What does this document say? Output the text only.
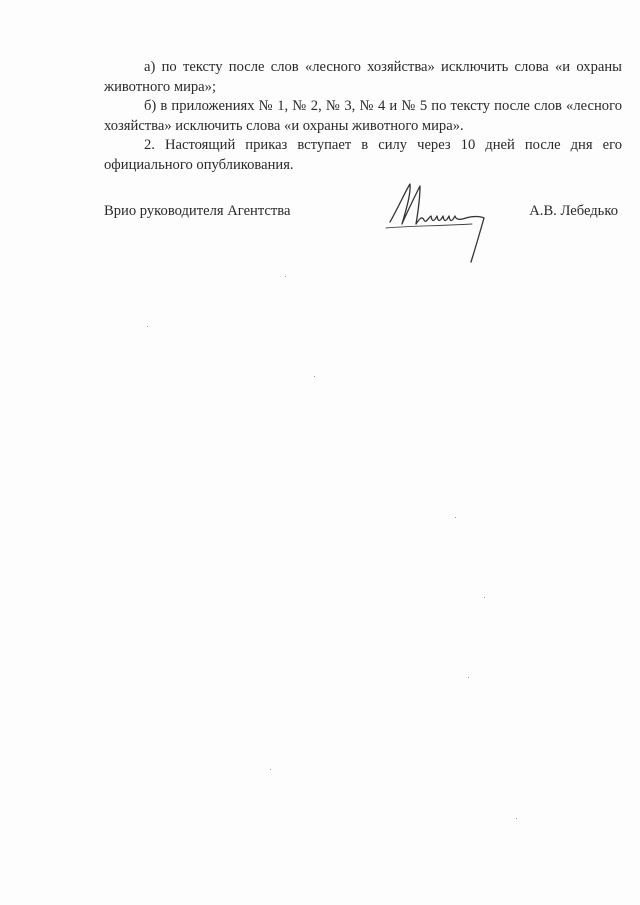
а) по тексту после слов «лесного хозяйства» исключить слова «и охраны животного мира»;

б) в приложениях № 1, № 2, № 3, № 4 и № 5 по тексту после слов «лесного хозяйства» исключить слова «и охраны животного мира».

2. Настоящий приказ вступает в силу через 10 дней после дня его официального опубликования.

Врио руководителя Агентства	А.В. Лебедько
